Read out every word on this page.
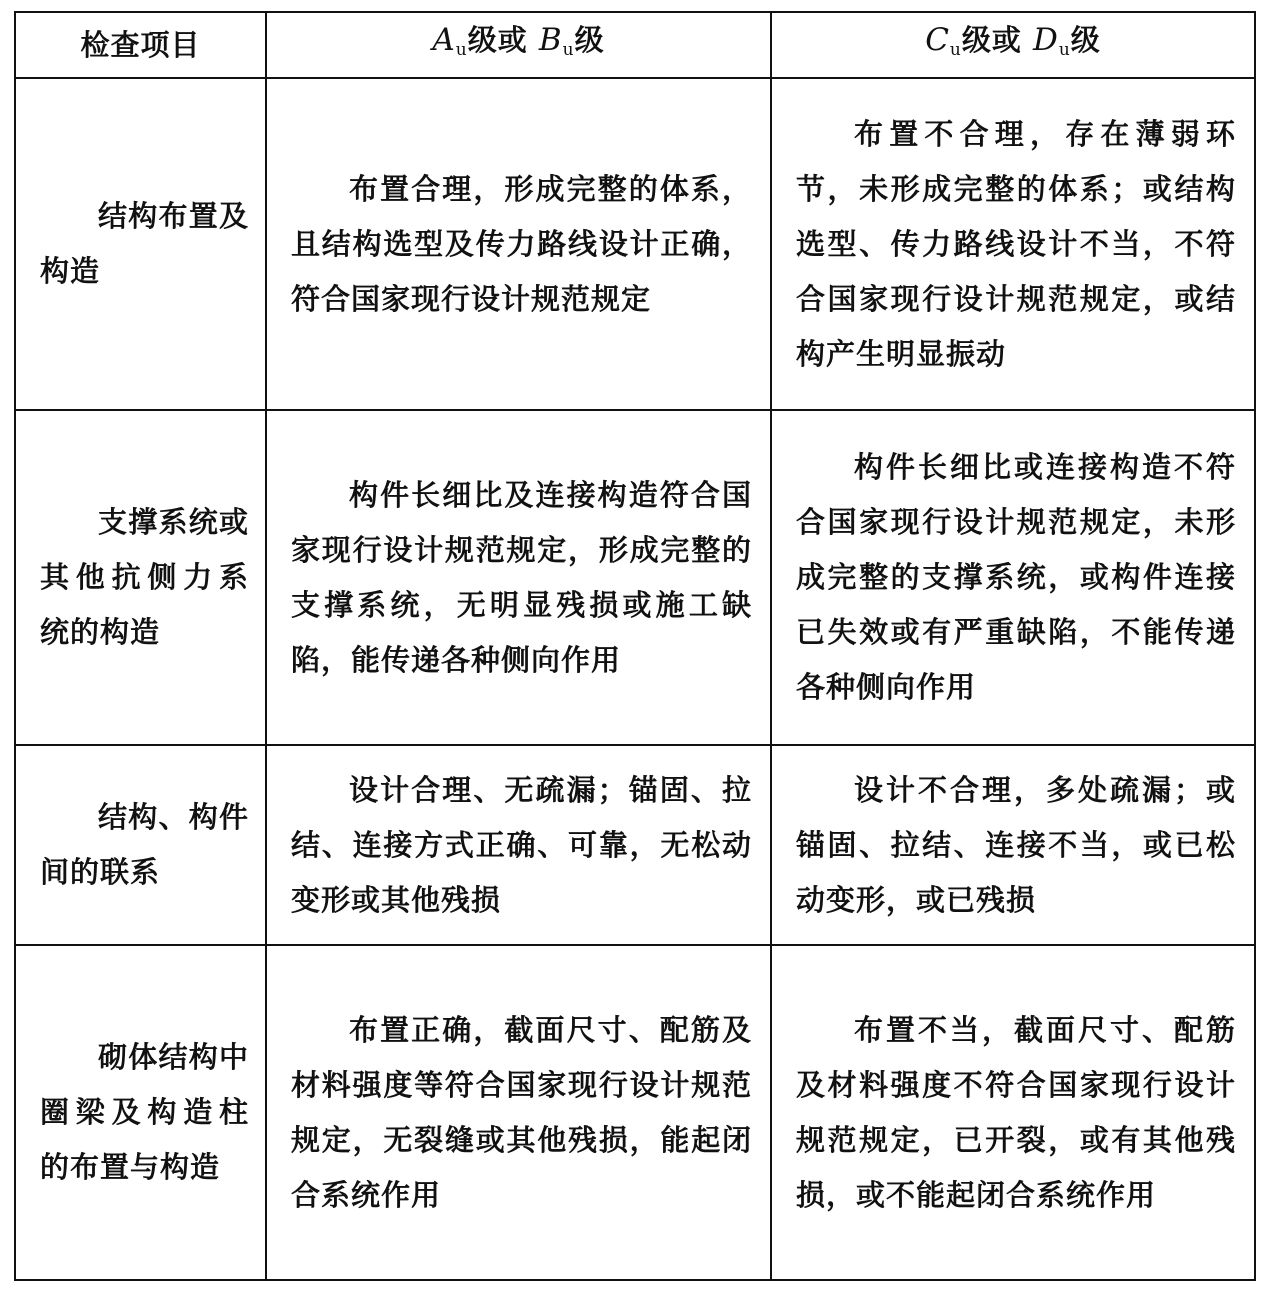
检查项目	$A_u$级或 $B_u$级	$C_u$级或 $D_u$级

结构布置及构造	布置合理，形成完整的体系，且结构选型及传力路线设计正确，符合国家现行设计规范规定	布置不合理，存在薄弱环节，未形成完整的体系；或结构选型、传力路线设计不当，不符合国家现行设计规范规定，或结构产生明显振动

支撑系统或其他抗侧力系统的构造	构件长细比及连接构造符合国家现行设计规范规定，形成完整的支撑系统，无明显残损或施工缺陷，能传递各种侧向作用	构件长细比或连接构造不符合国家现行设计规范规定，未形成完整的支撑系统，或构件连接已失效或有严重缺陷，不能传递各种侧向作用

结构、构件间的联系	设计合理、无疏漏；锚固、拉结、连接方式正确、可靠，无松动变形或其他残损	设计不合理，多处疏漏；或锚固、拉结、连接不当，或已松动变形，或已残损

砌体结构中圈梁及构造柱的布置与构造	布置正确，截面尺寸、配筋及材料强度等符合国家现行设计规范规定，无裂缝或其他残损，能起闭合系统作用	布置不当，截面尺寸、配筋及材料强度不符合国家现行设计规范规定，已开裂，或有其他残损，或不能起闭合系统作用
